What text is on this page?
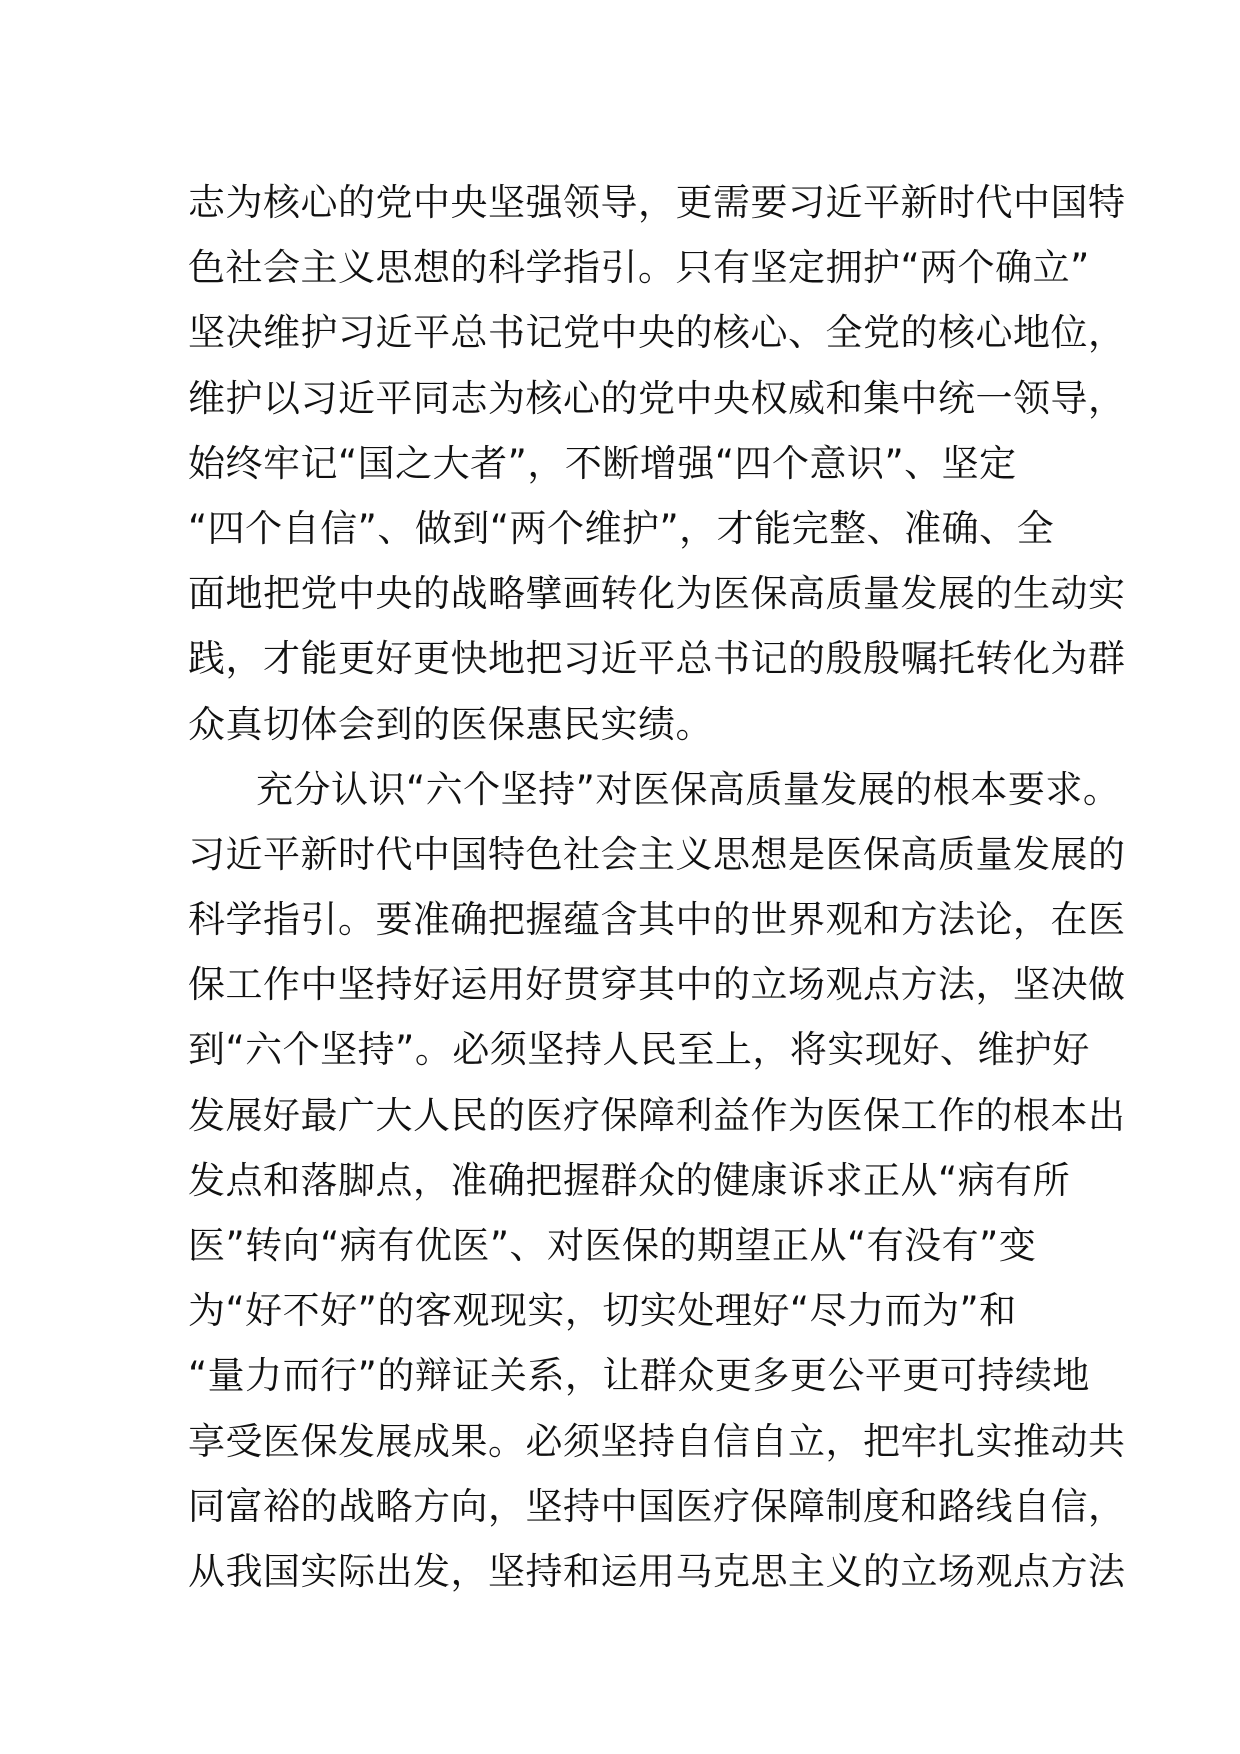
志为核心的党中央坚强领导，更需要习近平新时代中国特
色社会主义思想的科学指引。只有坚定拥护“两个确立”
坚决维护习近平总书记党中央的核心、全党的核心地位，
维护以习近平同志为核心的党中央权威和集中统一领导，
始终牢记“国之大者”，不断增强“四个意识”、坚定
“四个自信”、做到“两个维护”，才能完整、准确、全
面地把党中央的战略擘画转化为医保高质量发展的生动实
践，才能更好更快地把习近平总书记的殷殷嘱托转化为群
众真切体会到的医保惠民实绩。
充分认识“六个坚持”对医保高质量发展的根本要求。
习近平新时代中国特色社会主义思想是医保高质量发展的
科学指引。要准确把握蕴含其中的世界观和方法论，在医
保工作中坚持好运用好贯穿其中的立场观点方法，坚决做
到“六个坚持”。必须坚持人民至上，将实现好、维护好
发展好最广大人民的医疗保障利益作为医保工作的根本出
发点和落脚点，准确把握群众的健康诉求正从“病有所
医”转向“病有优医”、对医保的期望正从“有没有”变
为“好不好”的客观现实，切实处理好“尽力而为”和
“量力而行”的辩证关系，让群众更多更公平更可持续地
享受医保发展成果。必须坚持自信自立，把牢扎实推动共
同富裕的战略方向，坚持中国医疗保障制度和路线自信，
从我国实际出发，坚持和运用马克思主义的立场观点方法
